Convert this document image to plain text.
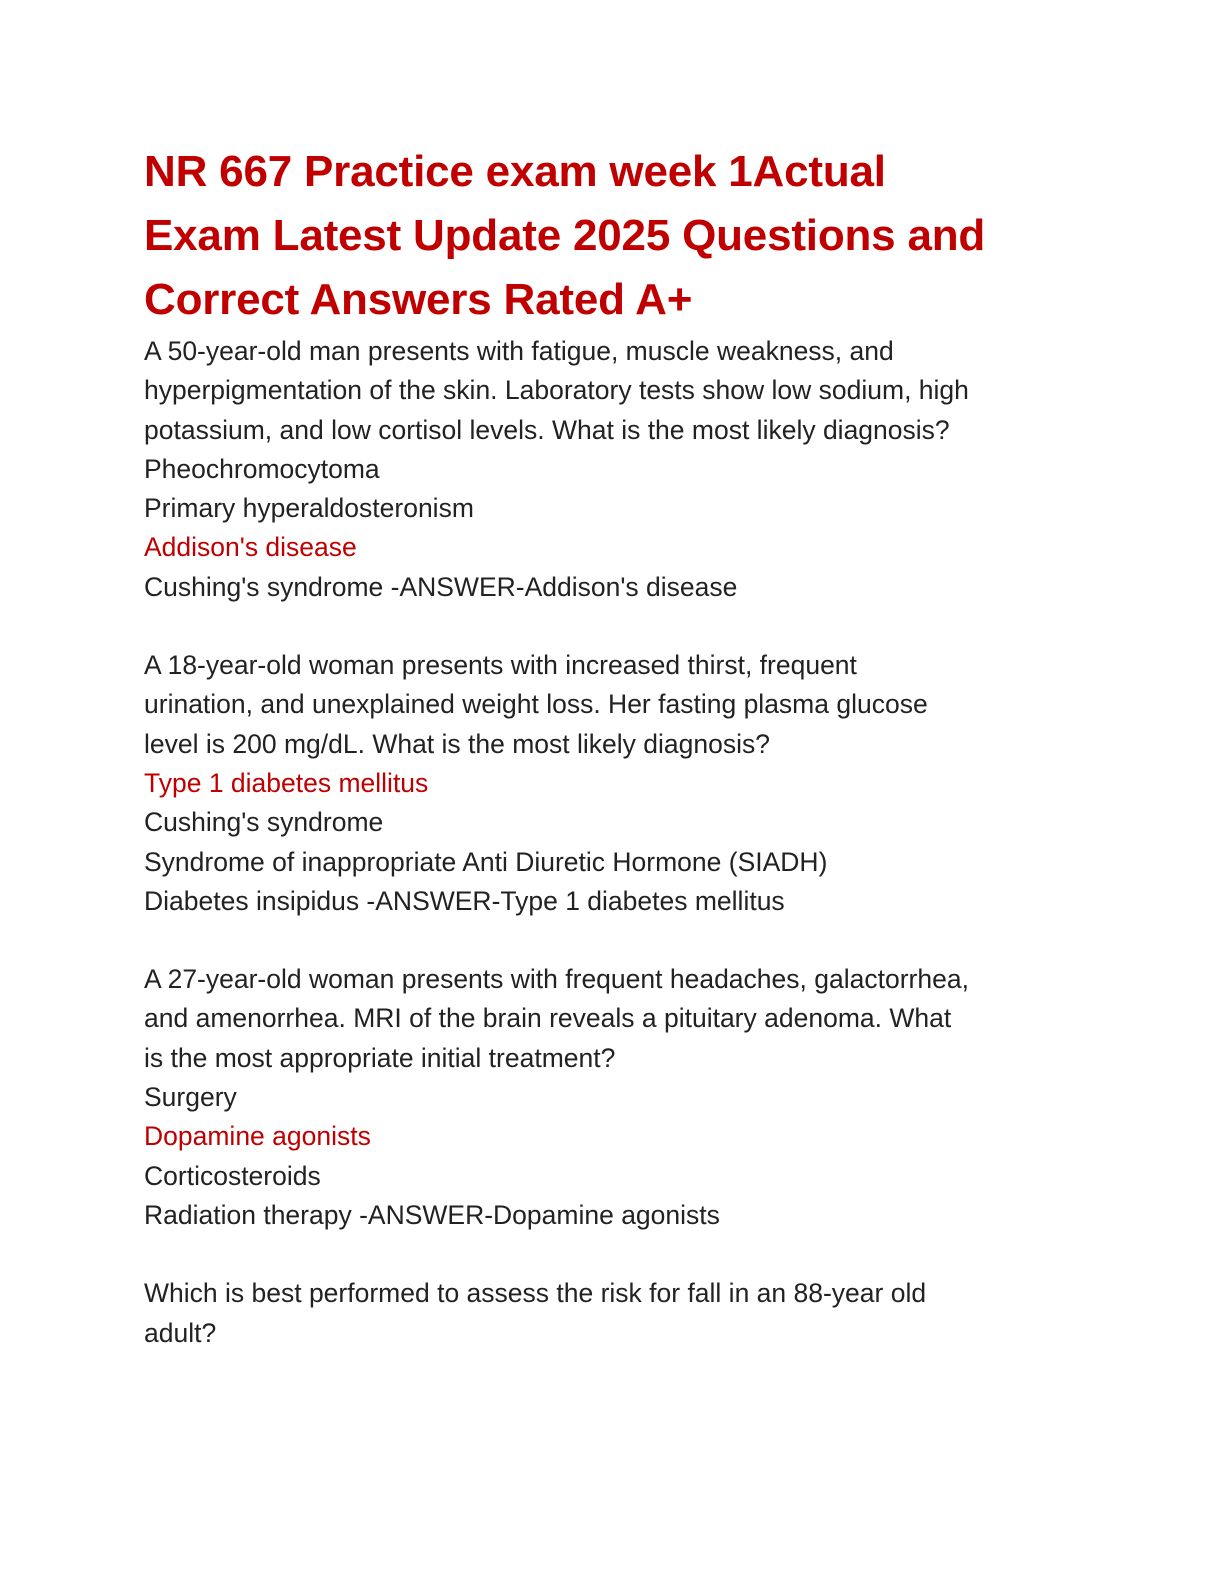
NR 667 Practice exam week 1Actual
Exam Latest Update 2025 Questions and
Correct Answers Rated A+

A 50-year-old man presents with fatigue, muscle weakness, and

hyperpigmentation of the skin. Laboratory tests show low sodium, high

potassium, and low cortisol levels. What is the most likely diagnosis?

Pheochromocytoma

Primary hyperaldosteronism

Addison's disease

Cushing's syndrome -ANSWER-Addison's disease

A 18-year-old woman presents with increased thirst, frequent

urination, and unexplained weight loss. Her fasting plasma glucose

level is 200 mg/dL. What is the most likely diagnosis?

Type 1 diabetes mellitus

Cushing's syndrome

Syndrome of inappropriate Anti Diuretic Hormone (SIADH)

Diabetes insipidus -ANSWER-Type 1 diabetes mellitus

A 27-year-old woman presents with frequent headaches, galactorrhea,

and amenorrhea. MRI of the brain reveals a pituitary adenoma. What

is the most appropriate initial treatment?

Surgery

Dopamine agonists

Corticosteroids

Radiation therapy -ANSWER-Dopamine agonists

Which is best performed to assess the risk for fall in an 88-year old

adult?
